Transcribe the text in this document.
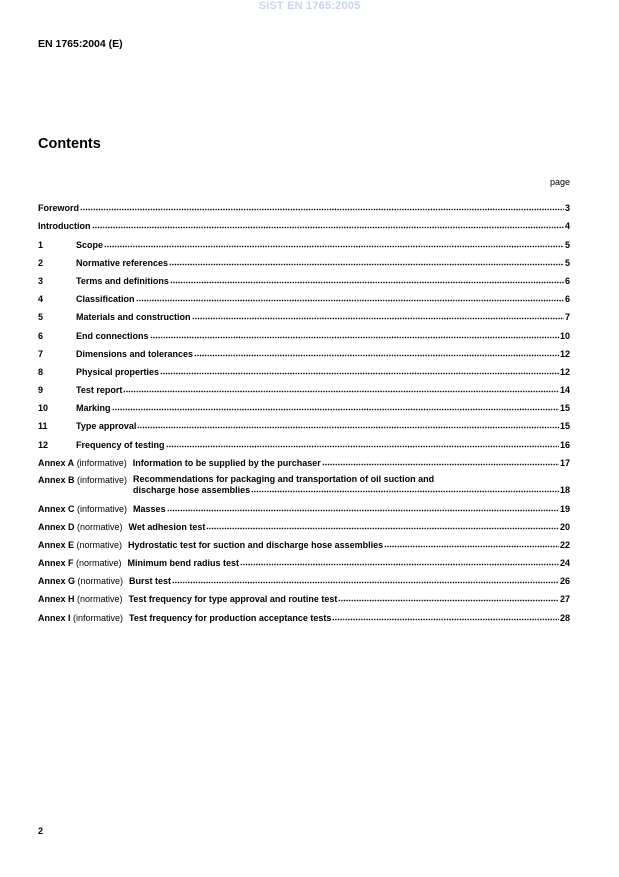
SIST EN 1765:2005
EN 1765:2004 (E)
Contents
page
Foreword	3
Introduction	4
1	Scope	5
2	Normative references	5
3	Terms and definitions	6
4	Classification	6
5	Materials and construction	7
6	End connections	10
7	Dimensions and tolerances	12
8	Physical properties	12
9	Test report	14
10	Marking	15
11	Type approval	15
12	Frequency of testing	16
Annex A (informative) Information to be supplied by the purchaser	17
Annex B (informative) Recommendations for packaging and transportation of oil suction and
discharge hose assemblies	18
Annex C (informative) Masses	19
Annex D (normative) Wet adhesion test	20
Annex E (normative) Hydrostatic test for suction and discharge hose assemblies	22
Annex F (normative) Minimum bend radius test	24
Annex G (normative) Burst test	26
Annex H (normative) Test frequency for type approval and routine test	27
Annex I (informative) Test frequency for production acceptance tests	28
2
